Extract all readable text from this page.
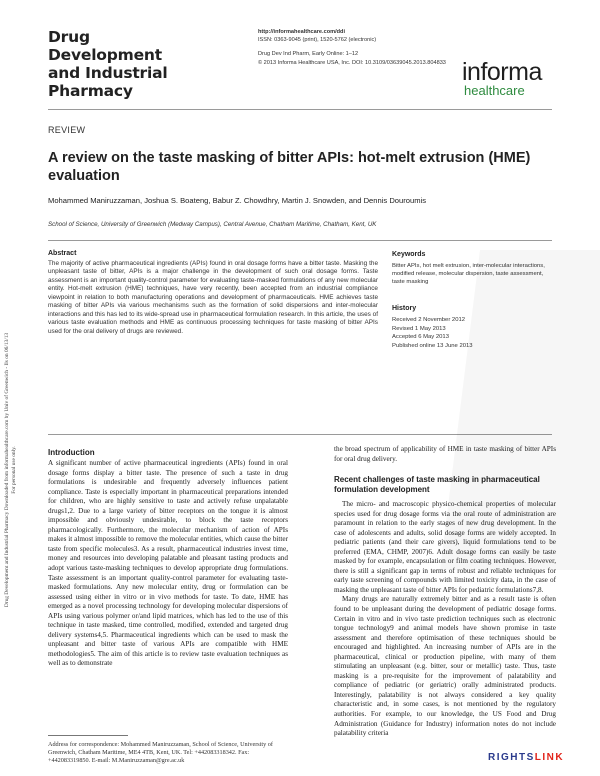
Drug
Development
and Industrial
Pharmacy
http://informahealthcare.com/ddi
ISSN: 0363-9045 (print), 1520-5762 (electronic)
Drug Dev Ind Pharm, Early Online: 1–12
© 2013 Informa Healthcare USA, Inc. DOI: 10.3109/03639045.2013.804833 informa
healthcare
REVIEW
A review on the taste masking of bitter APIs: hot-melt extrusion (HME) evaluation
Mohammed Maniruzzaman, Joshua S. Boateng, Babur Z. Chowdhry, Martin J. Snowden, and Dennis Douroumis
School of Science, University of Greenwich (Medway Campus), Central Avenue, Chatham Maritime, Chatham, Kent, UK
Abstract
The majority of active pharmaceutical ingredients (APIs) found in oral dosage forms have a bitter taste. Masking the unpleasant taste of bitter, APIs is a major challenge in the development of such oral dosage forms. Taste assessment is an important quality-control parameter for evaluating taste-masked formulations of any new molecular entity. Hot-melt extrusion (HME) techniques, have very recently, been accepted from an industrial compliance viewpoint in relation to both manufacturing operations and development of pharmaceuticals. HME achieves taste masking of bitter APIs via various mechanisms such as the formation of solid dispersions and inter-molecular interactions and this has led to its wide-spread use in pharmaceutical formulation research. In this article, the uses of various taste evaluation methods and HME as continuous processing techniques for taste masking of bitter APIs used for the oral delivery of drugs are reviewed.
Keywords
Bitter APIs, hot melt extrusion, inter-molecular interactions, modified release, molecular dispersion, taste assessment, taste masking
History
Received 2 November 2012
Revised 1 May 2013
Accepted 6 May 2013
Published online 13 June 2013
Introduction

A significant number of active pharmaceutical ingredients (APIs) found in oral dosage forms display a bitter taste. The presence of such a taste in drug formulations is undesirable and frequently adversely influences patient compliance. Taste is especially important in pharmaceutical preparations intended for children, who are highly sensitive to taste and actively refuse unpalatable drugs1,2. Due to a large variety of bitter receptors on the tongue it is almost impossible and obviously undesirable, to block the taste receptors pharmacologically. Furthermore, the molecular mechanism of action of APIs makes it almost impossible to remove the molecular entities, which cause the bitter taste from specific molecules3. As a result, pharmaceutical industries invest time, money and resources into developing palatable and pleasant tasting products and adopt various taste-masking techniques to develop appropriate drug formulations. Taste assessment is an important quality-control parameter for evaluating taste-masked formulations. Any new molecular entity, drug or formulation can be assessed using either in vitro or in vivo methods for taste. To date, HME has emerged as a novel processing technology for developing molecular dispersions of APIs using various polymer or/and lipid matrices, which has led to the use of this technique in taste masked, time controlled, modified, extended and targeted drug delivery systems4,5. Pharmaceutical ingredients which can be used to mask the unpleasant and bitter taste of various APIs are compatible with HME methodologies5. The aim of this article is to review taste evaluation techniques as well as to demonstrate

the broad spectrum of applicability of HME in taste masking of bitter APIs for oral drug delivery.

Recent challenges of taste masking in pharmaceutical formulation development

The micro- and macroscopic physico-chemical properties of molecular species used for drug dosage forms via the oral route of administration are paramount in relation to the early stages of new drug development. In the case of adolescents and adults, solid dosage forms are widely accepted. In pediatric patients (and their care givers), liquid formulations tend to be preferred (EMA, CHMP, 2007)6. Adult dosage forms can easily be taste masked by for example, encapsulation or film coating techniques. However, there is still a significant gap in terms of robust and reliable techniques for early taste screening of compounds with limited toxicity data, in the case of masking the unpleasant taste of bitter APIs for pediatric formulations7,8.

Many drugs are naturally extremely bitter and as a result taste is often found to be unpleasant during the development of pediatric dosage forms. Certain in vitro and in vivo taste prediction techniques such as electronic tongue technology9 and animal models have shown promise in taste assessment and therefore optimisation of these techniques should be encouraged and highlighted. An increasing number of APIs are in the pharmaceutical, clinical or production pipeline, with many of them stimulating an unpleasant (e.g. bitter, sour or metallic) taste. Thus, taste masking is a pre-requisite for the improvement of palatability and compliance of pediatric (or geriatric) orally administrated products. Interestingly, palatability is not always considered a key quality characteristic and, in some cases, is not mentioned by the regulatory authorities. For example, to our knowledge, the US Food and Drug Administration (Guidance for Industry) information notes do not include palatability criteria

Address for correspondence: Mohammed Maniruzzaman, School of Science, University of Greenwich, Chatham Maritime, ME4 4TB, Kent, UK. Tel: +442083318342. Fax: +442083319850. E-mail: M.Maniruzzaman@gre.ac.uk
Drug Development and Industrial Pharmacy Downloaded from informahealthcare.com by Univ of Greenwich - Ils on 06/13/13 For personal use only.
RIGHTSLINK
